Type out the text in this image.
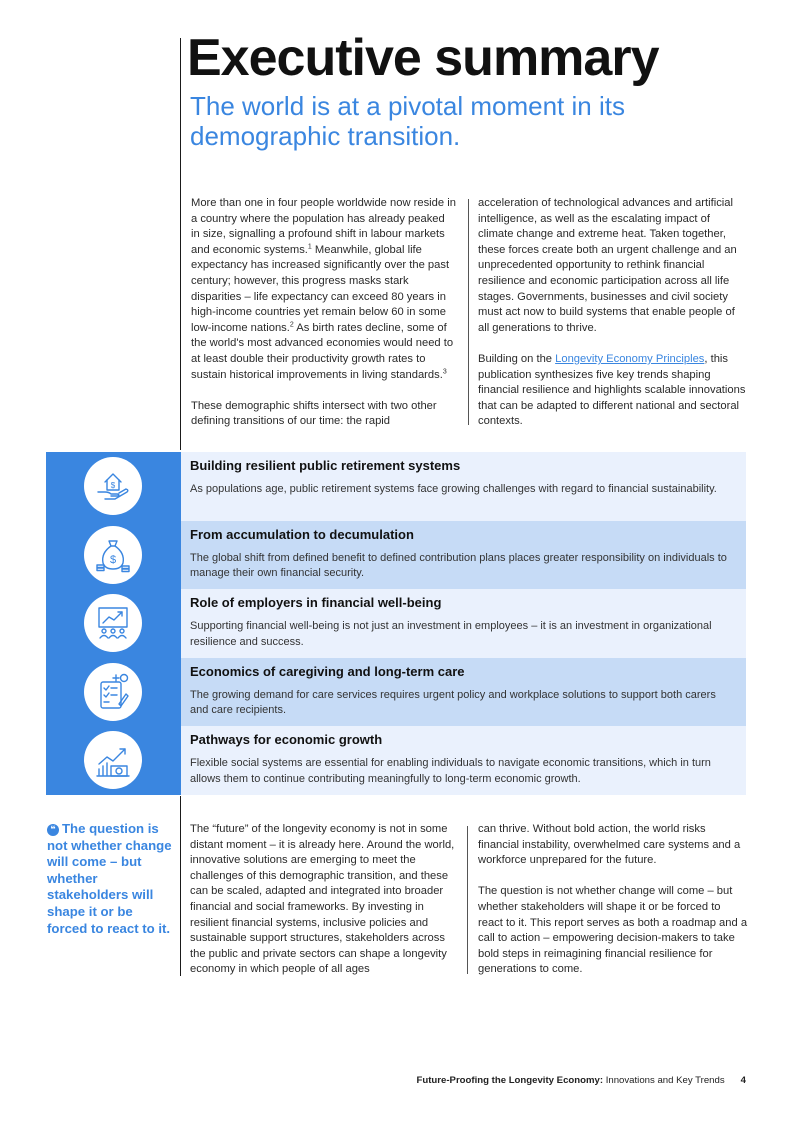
Executive summary
The world is at a pivotal moment in its demographic transition.

More than one in four people worldwide now reside in a country where the population has already peaked in size, signalling a profound shift in labour markets and economic systems.$^1$ Meanwhile, global life expectancy has increased significantly over the past century; however, this progress masks stark disparities – life expectancy can exceed 80 years in high-income countries yet remain below 60 in some low-income nations.$^2$ As birth rates decline, some of the world's most advanced economies would need to at least double their productivity growth rates to sustain historical improvements in living standards.$^3$

These demographic shifts intersect with two other defining transitions of our time: the rapid

acceleration of technological advances and artificial intelligence, as well as the escalating impact of climate change and extreme heat. Taken together, these forces create both an urgent challenge and an unprecedented opportunity to rethink financial resilience and economic participation across all life stages. Governments, businesses and civil society must act now to build systems that enable people of all generations to thrive.

Building on the Longevity Economy Principles, this publication synthesizes five key trends shaping financial resilience and highlights scalable innovations that can be adapted to different national and sectoral contexts.

$

Building resilient public retirement systems

As populations age, public retirement systems face growing challenges with regard to financial sustainability.

$

From accumulation to decumulation

The global shift from defined benefit to defined contribution plans places greater responsibility on individuals to manage their own financial security.

Role of employers in financial well-being

Supporting financial well-being is not just an investment in employees – it is an investment in organizational resilience and success.

Economics of caregiving and long-term care

The growing demand for care services requires urgent policy and workplace solutions to support both carers and care recipients.

Pathways for economic growth

Flexible social systems are essential for enabling individuals to navigate economic transitions, which in turn allows them to continue contributing meaningfully to long-term economic growth.

❝ The question is not whether change will come – but whether stakeholders will shape it or be forced to react to it.

The “future” of the longevity economy is not in some distant moment – it is already here. Around the world, innovative solutions are emerging to meet the challenges of this demographic transition, and these can be scaled, adapted and integrated into broader financial and social frameworks. By investing in resilient financial systems, inclusive policies and sustainable support structures, stakeholders across the public and private sectors can shape a longevity economy in which people of all ages

can thrive. Without bold action, the world risks financial instability, overwhelmed care systems and a workforce unprepared for the future.

The question is not whether change will come – but whether stakeholders will shape it or be forced to react to it. This report serves as both a roadmap and a call to action – empowering decision-makers to take bold steps in reimagining financial resilience for generations to come.

Future-Proofing the Longevity Economy: Innovations and Key Trends 4
